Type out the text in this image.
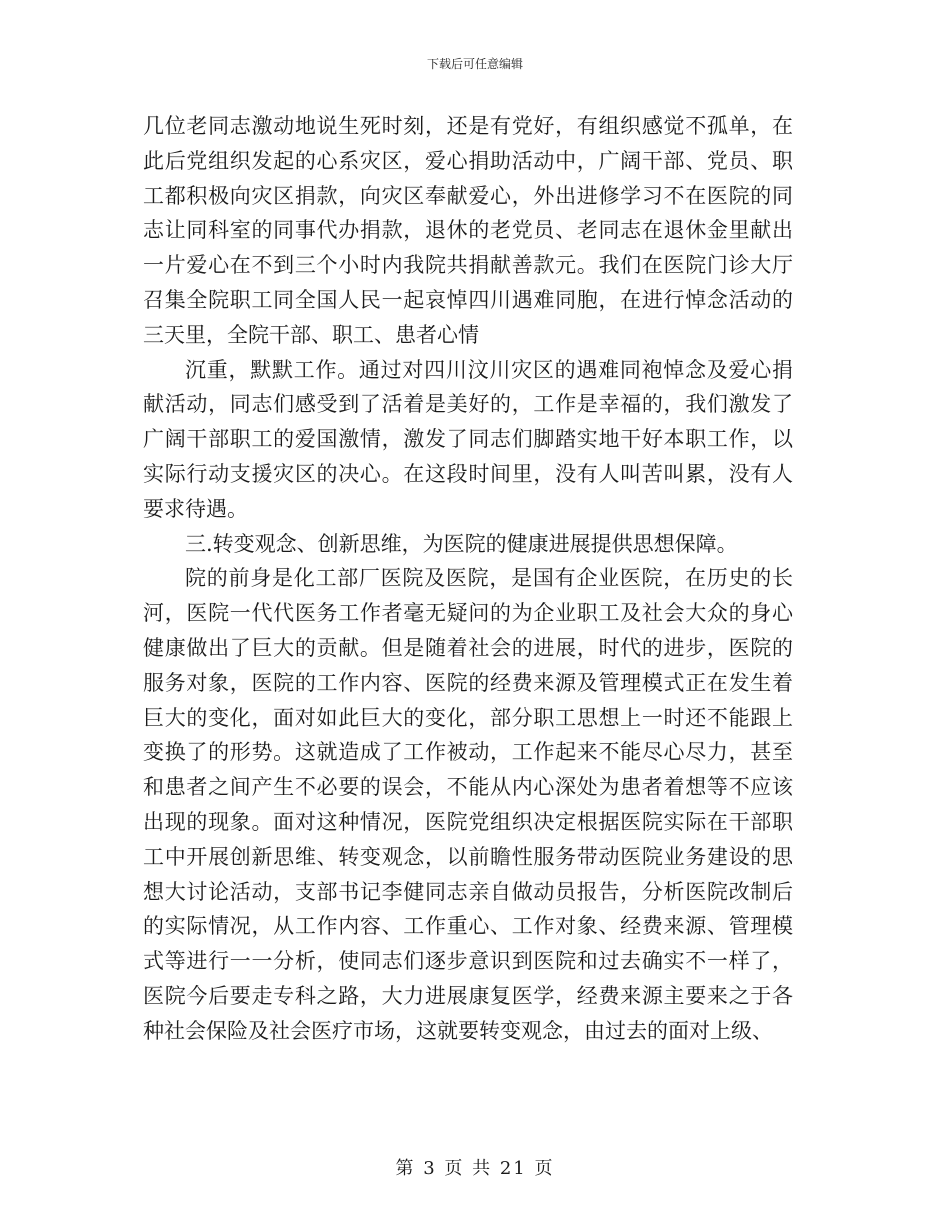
下载后可任意编辑

几位老同志激动地说生死时刻，还是有党好，有组织感觉不孤单，在此后党组织发起的心系灾区，爱心捐助活动中，广阔干部、党员、职工都积极向灾区捐款，向灾区奉献爱心，外出进修学习不在医院的同志让同科室的同事代办捐款，退休的老党员、老同志在退休金里献出一片爱心在不到三个小时内我院共捐献善款元。我们在医院门诊大厅召集全院职工同全国人民一起哀悼四川遇难同胞，在进行悼念活动的三天里，全院干部、职工、患者心情

沉重，默默工作。通过对四川汶川灾区的遇难同袍悼念及爱心捐献活动，同志们感受到了活着是美好的，工作是幸福的，我们激发了广阔干部职工的爱国激情，激发了同志们脚踏实地干好本职工作，以实际行动支援灾区的决心。在这段时间里，没有人叫苦叫累，没有人要求待遇。

三.转变观念、创新思维，为医院的健康进展提供思想保障。

院的前身是化工部厂医院及医院，是国有企业医院，在历史的长河，医院一代代医务工作者毫无疑问的为企业职工及社会大众的身心健康做出了巨大的贡献。但是随着社会的进展，时代的进步，医院的服务对象，医院的工作内容、医院的经费来源及管理模式正在发生着巨大的变化，面对如此巨大的变化，部分职工思想上一时还不能跟上变换了的形势。这就造成了工作被动，工作起来不能尽心尽力，甚至和患者之间产生不必要的误会，不能从内心深处为患者着想等不应该出现的现象。面对这种情况，医院党组织决定根据医院实际在干部职工中开展创新思维、转变观念，以前瞻性服务带动医院业务建设的思想大讨论活动，支部书记李健同志亲自做动员报告，分析医院改制后的实际情况，从工作内容、工作重心、工作对象、经费来源、管理模式等进行一一分析，使同志们逐步意识到医院和过去确实不一样了，医院今后要走专科之路，大力进展康复医学，经费来源主要来之于各种社会保险及社会医疗市场，这就要转变观念，由过去的面对上级、

第 3 页 共 21 页
